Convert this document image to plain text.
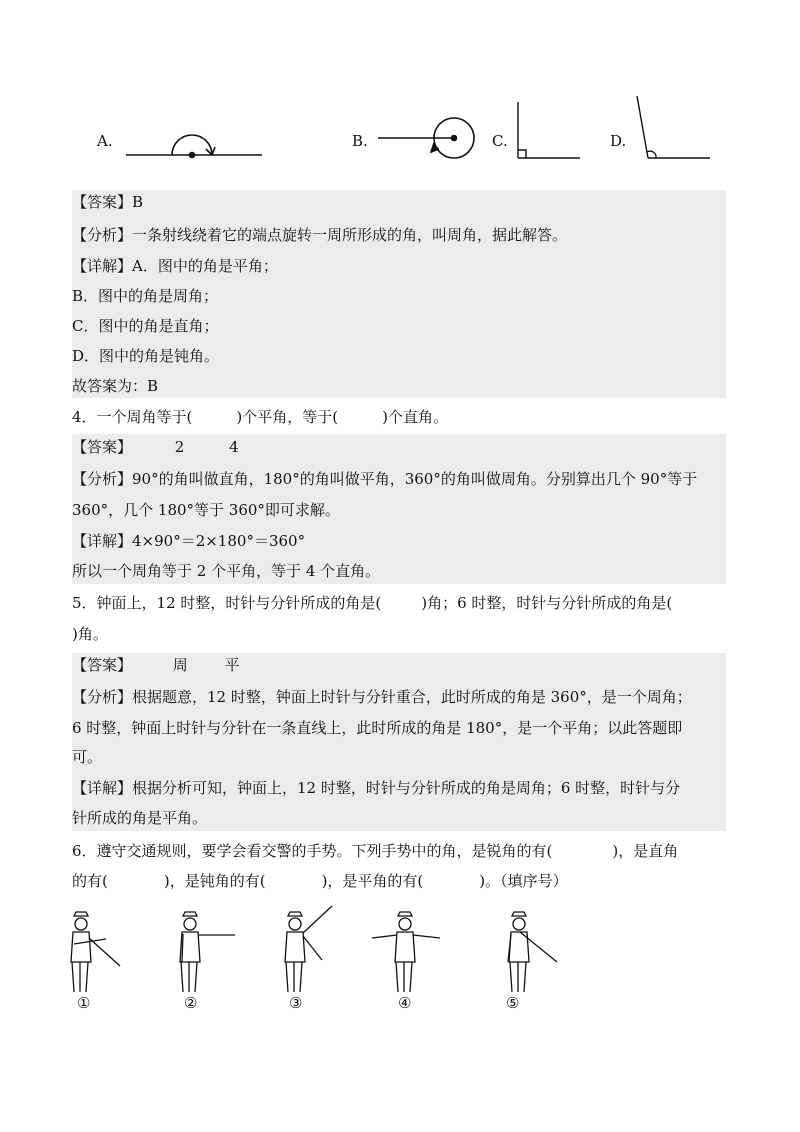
A.	B.	C.	D.
【答案】B
【分析】一条射线绕着它的端点旋转一周所形成的角，叫周角，据此解答。
【详解】A．图中的角是平角；
B．图中的角是周角；
C．图中的角是直角；
D．图中的角是钝角。
故答案为：B
4．一个周角等于(	)个平角，等于(	)个直角。
【答案】	2	4
【分析】90°的角叫做直角，180°的角叫做平角，360°的角叫做周角。分别算出几个 90°等于
360°，几个 180°等于 360°即可求解。
【详解】4×90°＝2×180°＝360°
所以一个周角等于 2 个平角，等于 4 个直角。
5．钟面上，12 时整，时针与分针所成的角是(	)角；6 时整，时针与分针所成的角是(
)角。
【答案】	周 平
【分析】根据题意，12 时整，钟面上时针与分针重合，此时所成的角是 360°，是一个周角；
6 时整，钟面上时针与分针在一条直线上，此时所成的角是 180°，是一个平角；以此答题即
可。
【详解】根据分析可知，钟面上，12 时整，时针与分针所成的角是周角；6 时整，时针与分
针所成的角是平角。
6．遵守交通规则，要学会看交警的手势。下列手势中的角，是锐角的有(	)，是直角
的有(	)，是钝角的有(	)，是平角的有(	)。（填序号）
①	②	③	④	⑤
